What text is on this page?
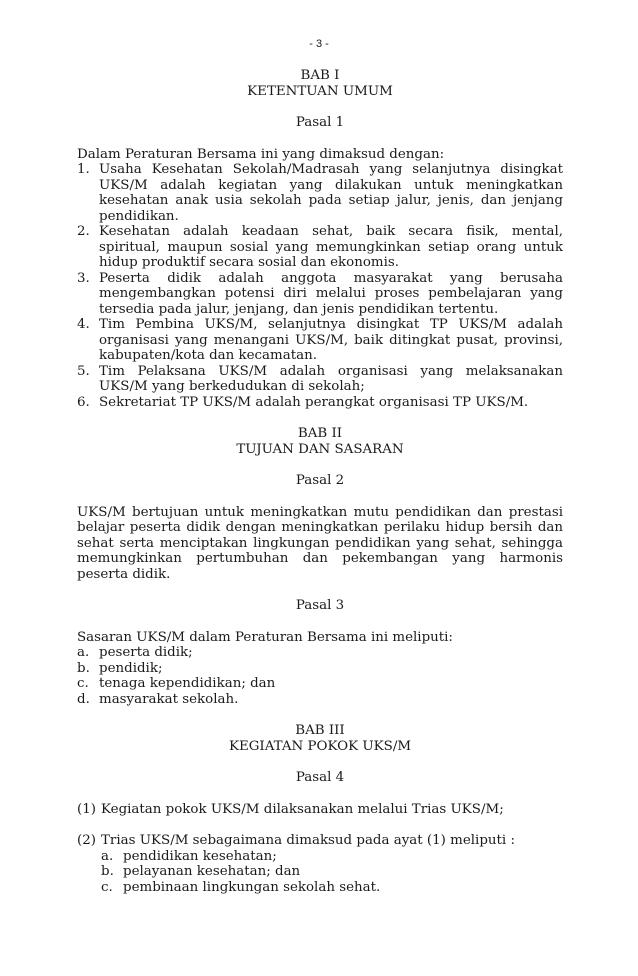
- 3 -

BAB I

KETENTUAN UMUM

Pasal 1

Dalam Peraturan Bersama ini yang dimaksud dengan:

1. Usaha Kesehatan Sekolah/Madrasah yang selanjutnya disingkat UKS/M adalah kegiatan yang dilakukan untuk meningkatkan kesehatan anak usia sekolah pada setiap jalur, jenis, dan jenjang pendidikan.
2. Kesehatan adalah keadaan sehat, baik secara fisik, mental, spiritual, maupun sosial yang memungkinkan setiap orang untuk hidup produktif secara sosial dan ekonomis.
3. Peserta didik adalah anggota masyarakat yang berusaha mengembangkan potensi diri melalui proses pembelajaran yang tersedia pada jalur, jenjang, dan jenis pendidikan tertentu.
4. Tim Pembina UKS/M, selanjutnya disingkat TP UKS/M adalah organisasi yang menangani UKS/M, baik ditingkat pusat, provinsi, kabupaten/kota dan kecamatan.
5. Tim Pelaksana UKS/M adalah organisasi yang melaksanakan UKS/M yang berkedudukan di sekolah;
6. Sekretariat TP UKS/M adalah perangkat organisasi TP UKS/M.

BAB II

TUJUAN DAN SASARAN

Pasal 2

UKS/M bertujuan untuk meningkatkan mutu pendidikan dan prestasi belajar peserta didik dengan meningkatkan perilaku hidup bersih dan sehat serta menciptakan lingkungan pendidikan yang sehat, sehingga memungkinkan pertumbuhan dan pekembangan yang harmonis peserta didik.

Pasal 3

Sasaran UKS/M dalam Peraturan Bersama ini meliputi:

a. peserta didik;
b. pendidik;
c. tenaga kependidikan; dan
d. masyarakat sekolah.

BAB III

KEGIATAN POKOK UKS/M

Pasal 4

(1) Kegiatan pokok UKS/M dilaksanakan melalui Trias UKS/M;
(2) Trias UKS/M sebagaimana dimaksud pada ayat (1) meliputi :
a. pendidikan kesehatan;
b. pelayanan kesehatan; dan
c. pembinaan lingkungan sekolah sehat.
